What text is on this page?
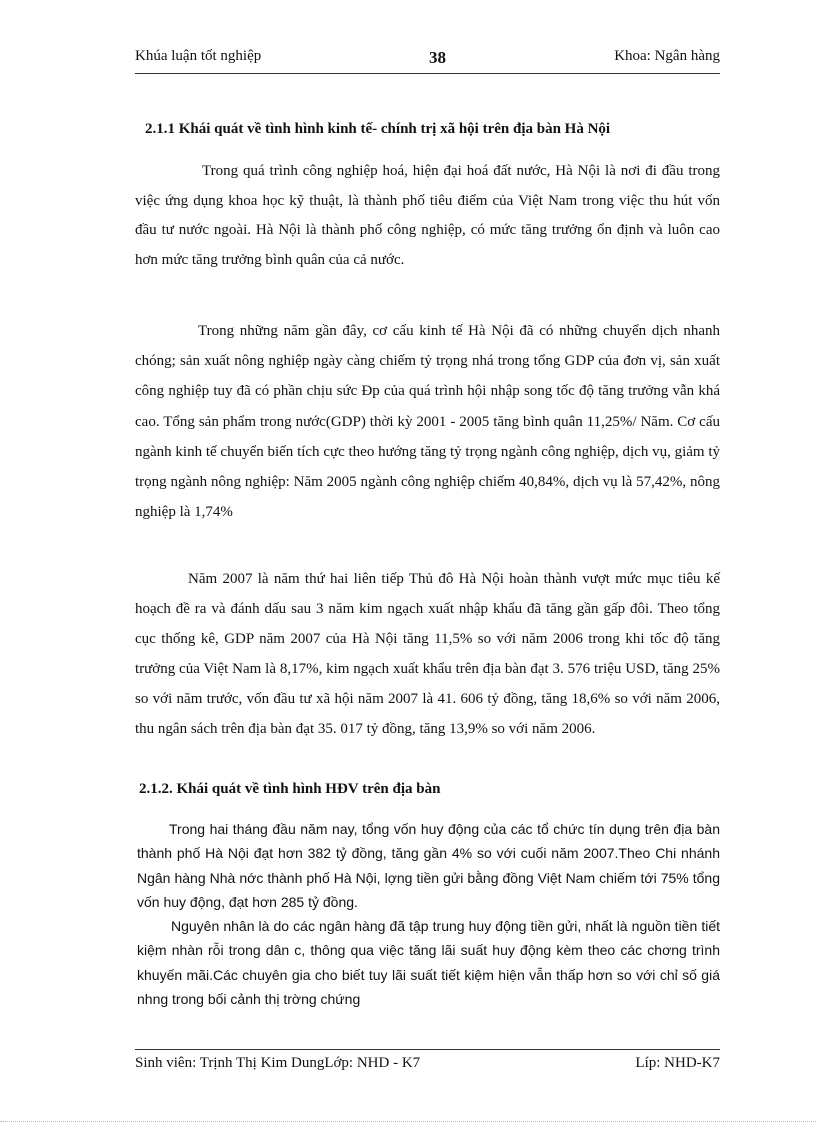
Khúa luận tốt nghiệp	38	Khoa: Ngân hàng
2.1.1 Khái quát về tình hình kinh tế- chính trị xã hội trên địa bàn Hà Nội

Trong quá trình công nghiệp hoá, hiện đại hoá đất nước, Hà Nội là nơi đi đầu trong việc ứng dụng khoa học kỹ thuật, là thành phố tiêu điểm của Việt Nam trong việc thu hút vốn đầu tư nước ngoài. Hà Nội là thành phố công nghiệp, có mức tăng trưởng ổn định và luôn cao hơn mức tăng trưởng bình quân của cả nước.

Trong những năm gần đây, cơ cấu kinh tế Hà Nội đã có những chuyển dịch nhanh chóng; sản xuất nông nghiệp ngày càng chiếm tỷ trọng nhá trong tổng GDP của đơn vị, sản xuất công nghiệp tuy đã có phần chịu sức Ðp của quá trình hội nhập song tốc độ tăng trưởng vẫn khá cao. Tổng sản phẩm trong nước(GDP) thời kỳ 2001 - 2005 tăng bình quân 11,25%/ Năm. Cơ cấu ngành kinh tế chuyển biến tích cực theo hướng tăng tỷ trọng ngành công nghiệp, dịch vụ, giảm tỷ trọng ngành nông nghiệp: Năm 2005 ngành công nghiệp chiếm 40,84%, dịch vụ là 57,42%, nông nghiệp là 1,74%

Năm 2007 là năm thứ hai liên tiếp Thủ đô Hà Nội hoàn thành vượt mức mục tiêu kế hoạch đề ra và đánh dấu sau 3 năm kim ngạch xuất nhập khẩu đã tăng gần gấp đôi. Theo tổng cục thống kê, GDP năm 2007 của Hà Nội tăng 11,5% so với năm 2006 trong khi tốc độ tăng trưởng của Việt Nam là 8,17%, kim ngạch xuất khẩu trên địa bàn đạt 3. 576 triệu USD, tăng 25% so với năm trước, vốn đầu tư xã hội năm 2007 là 41. 606 tỷ đồng, tăng 18,6% so với năm 2006, thu ngân sách trên địa bàn đạt 35. 017 tỷ đồng, tăng 13,9% so với năm 2006.

2.1.2. Khái quát về tình hình HĐV trên địa bàn

Trong hai tháng đầu năm nay, tổng vốn huy động của các tổ chức tín dụng trên địa bàn thành phố Hà Nội đạt hơn 382 tỷ đồng, tăng gần 4% so với cuối năm 2007.Theo Chi nhánh Ngân hàng Nhà nớc thành phố Hà Nội, lợng tiền gửi bằng đồng Việt Nam chiếm tới 75% tổng vốn huy động, đạt hơn 285 tỷ đồng.

Nguyên nhân là do các ngân hàng đã tập trung huy động tiền gửi, nhất là nguồn tiền tiết kiệm nhàn rỗi trong dân c, thông qua việc tăng lãi suất huy động kèm theo các chơng trình khuyến mãi.Các chuyên gia cho biết tuy lãi suất tiết kiệm hiện vẫn thấp hơn so với chỉ số giá nhng trong bối cảnh thị trờng chứng

Sinh viên: Trịnh Thị Kim DungLớp: NHD - K7	Líp: NHD-K7
